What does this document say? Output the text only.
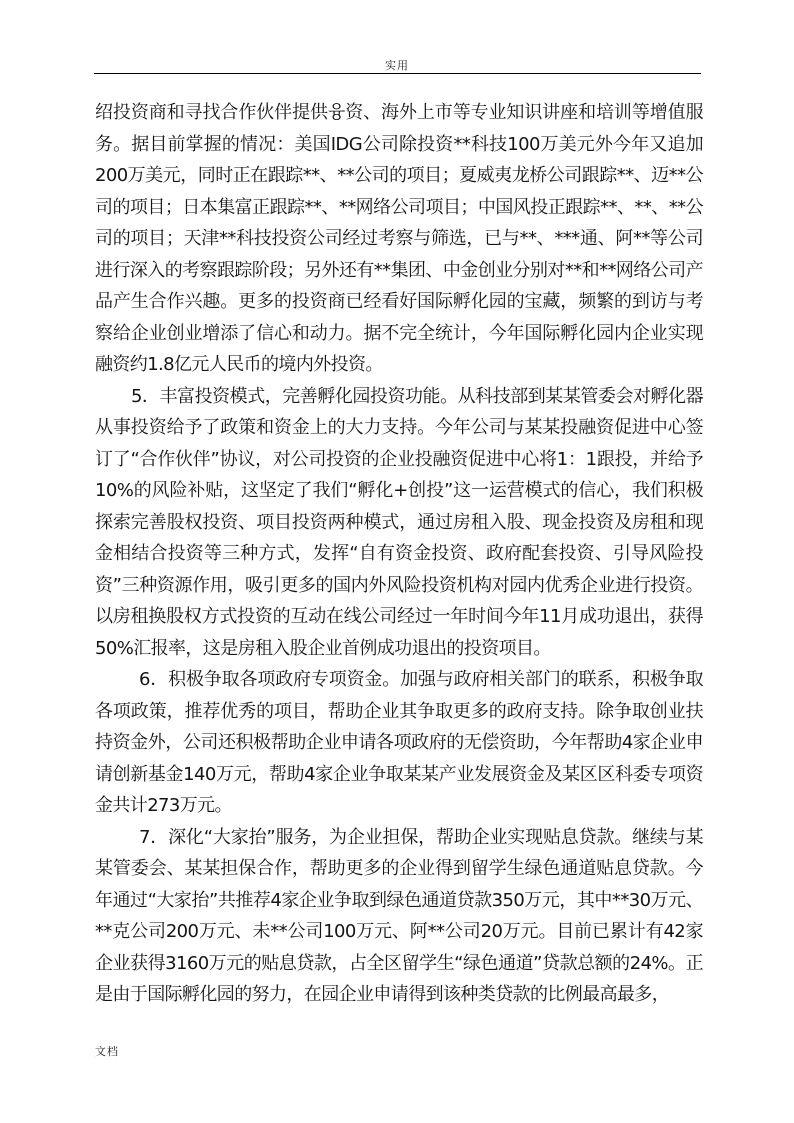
实用

绍投资商和寻找合作伙伴提供융资、海外上市等专业知识讲座和培训等增值服务。据目前掌握的情况：美国IDG公司除投资**科技100万美元外今年又追加200万美元，同时正在跟踪**、**公司的项目；夏威夷龙桥公司跟踪**、迈**公司的项目；日本集富正跟踪**、**网络公司项目；中国风投正跟踪**、**、**公司的项目；天津**科技投资公司经过考察与筛选，已与**、***通、阿**等公司进行深入的考察跟踪阶段；另外还有**集团、中金创业分别对**和**网络公司产品产生合作兴趣。更多的投资商已经看好国际孵化园的宝藏，频繁的到访与考察给企业创业增添了信心和动力。据不完全统计，今年国际孵化园内企业实现融资约1.8亿元人民币的境内外投资。

5．丰富投资模式，完善孵化园投资功能。从科技部到某某管委会对孵化器从事投资给予了政策和资金上的大力支持。今年公司与某某投融资促进中心签订了“合作伙伴”协议，对公司投资的企业投融资促进中心将1：1跟投，并给予10%的风险补贴，这坚定了我们“孵化+创投”这一运营模式的信心，我们积极探索完善股权投资、项目投资两种模式，通过房租入股、现金投资及房租和现金相结合投资等三种方式，发挥“自有资金投资、政府配套投资、引导风险投资”三种资源作用，吸引更多的国内外风险投资机构对园内优秀企业进行投资。以房租换股权方式投资的互动在线公司经过一年时间今年11月成功退出，获得50%汇报率，这是房租入股企业首例成功退出的投资项目。

6．积极争取各项政府专项资金。加强与政府相关部门的联系，积极争取各项政策，推荐优秀的项目，帮助企业其争取更多的政府支持。除争取创业扶持资金外，公司还积极帮助企业申请各项政府的无偿资助，今年帮助4家企业申请创新基金140万元，帮助4家企业争取某某产业发展资金及某区区科委专项资金共计273万元。

7．深化“大家抬”服务，为企业担保，帮助企业实现贴息贷款。继续与某某管委会、某某担保合作，帮助更多的企业得到留学生绿色通道贴息贷款。今年通过“大家抬”共推荐4家企业争取到绿色通道贷款350万元，其中**30万元、**克公司200万元、未**公司100万元、阿**公司20万元。目前已累计有42家企业获得3160万元的贴息贷款，占全区留学生“绿色通道”贷款总额的24%。正是由于国际孵化园的努力，在园企业申请得到该种类贷款的比例最高最多，

文档
